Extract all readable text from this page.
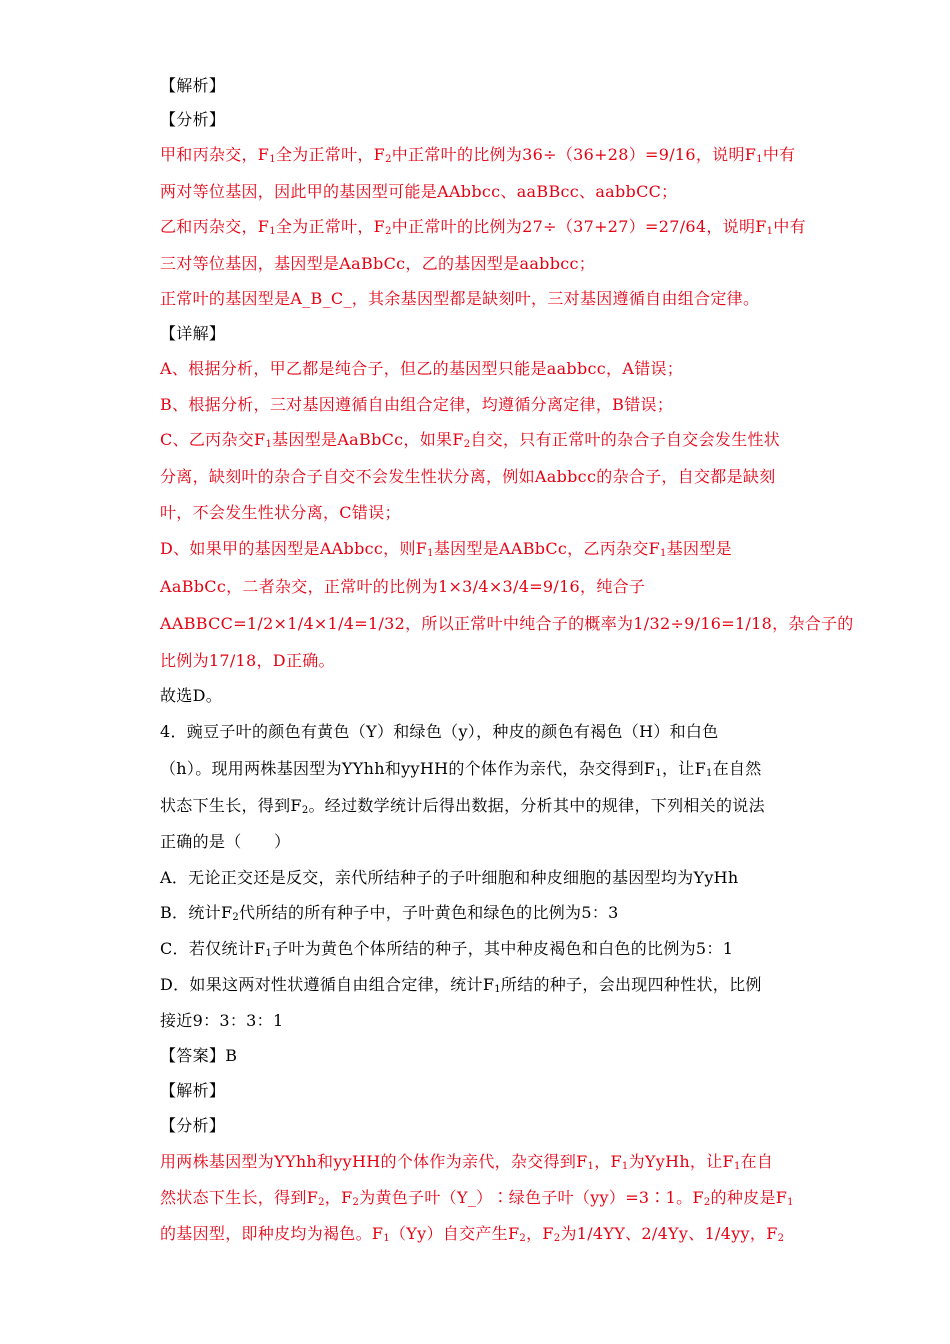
【解析】
【分析】
甲和丙杂交，$F_1$全为正常叶，$F_2$中正常叶的比例为36÷（36+28）=9/16，说明$F_1$中有
两对等位基因，因此甲的基因型可能是AAbbcc、aaBBcc、aabbCC；
乙和丙杂交，$F_1$全为正常叶，$F_2$中正常叶的比例为27÷（37+27）=27/64，说明$F_1$中有
三对等位基因，基因型是AaBbCc，乙的基因型是aabbcc；
正常叶的基因型是A_B_C_，其余基因型都是缺刻叶，三对基因遵循自由组合定律。
【详解】
A、根据分析，甲乙都是纯合子，但乙的基因型只能是aabbcc，A错误；
B、根据分析，三对基因遵循自由组合定律，均遵循分离定律，B错误；
C、乙丙杂交$F_1$基因型是AaBbCc，如果$F_2$自交，只有正常叶的杂合子自交会发生性状
分离，缺刻叶的杂合子自交不会发生性状分离，例如Aabbcc的杂合子，自交都是缺刻
叶，不会发生性状分离，C错误；
D、如果甲的基因型是AAbbcc，则$F_1$基因型是AABbCc，乙丙杂交$F_1$基因型是
AaBbCc，二者杂交，正常叶的比例为1×3/4×3/4=9/16，纯合子
AABBCC=1/2×1/4×1/4=1/32，所以正常叶中纯合子的概率为1/32÷9/16=1/18，杂合子的
比例为17/18，D正确。
故选D。
4．豌豆子叶的颜色有黄色（Y）和绿色（y），种皮的颜色有褐色（H）和白色
（h）。现用两株基因型为YYhh和yyHH的个体作为亲代，杂交得到$F_1$，让$F_1$在自然
状态下生长，得到$F_2$。经过数学统计后得出数据，分析其中的规律，下列相关的说法
正确的是（　　）
A．无论正交还是反交，亲代所结种子的子叶细胞和种皮细胞的基因型均为YyHh
B．统计$F_2$代所结的所有种子中，子叶黄色和绿色的比例为5：3
C．若仅统计$F_1$子叶为黄色个体所结的种子，其中种皮褐色和白色的比例为5：1
D．如果这两对性状遵循自由组合定律，统计$F_1$所结的种子，会出现四种性状，比例
接近9：3：3：1
【答案】B
【解析】
【分析】
用两株基因型为YYhh和yyHH的个体作为亲代，杂交得到$F_1$，$F_1$为YyHh，让$F_1$在自
然状态下生长，得到$F_2$，$F_2$为黄色子叶（Y_）∶绿色子叶（yy）=3∶1。$F_2$的种皮是$F_1$
的基因型，即种皮均为褐色。$F_1(Yy)$自交产生$F_2$，$F_2$为1/4YY、2/4Yy、1/4yy，$F_2$
